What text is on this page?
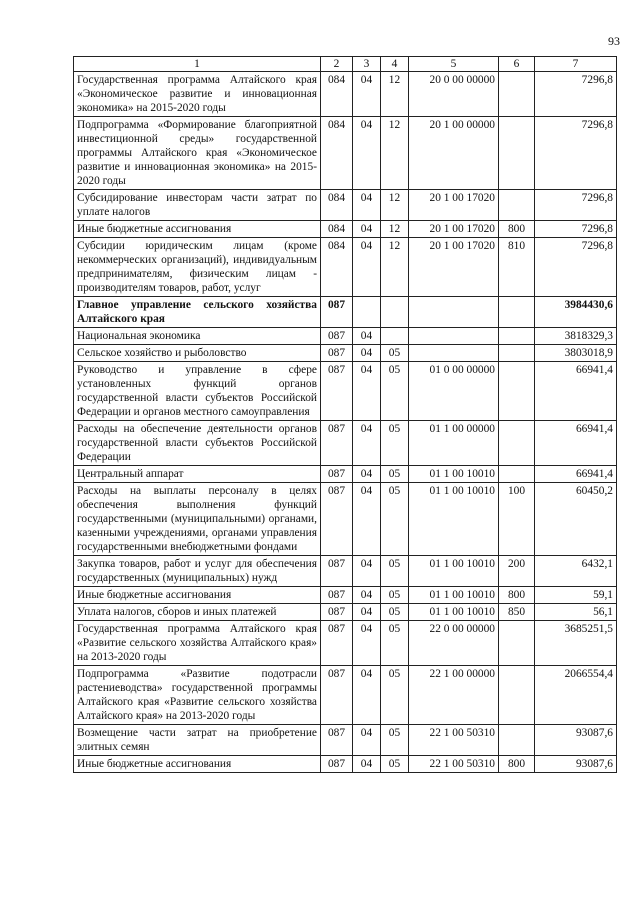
93
1	2	3	4	5	6	7
Государственная программа Алтайского края «Экономическое развитие и инновационная экономика» на 2015-2020 годы	084	04	12	20 0 00 00000		7296,8
Подпрограмма «Формирование благоприятной инвестиционной среды» государственной программы Алтайского края «Экономическое развитие и инновационная экономика» на 2015-2020 годы	084	04	12	20 1 00 00000		7296,8
Субсидирование инвесторам части затрат по уплате налогов	084	04	12	20 1 00 17020		7296,8
Иные бюджетные ассигнования	084	04	12	20 1 00 17020	800	7296,8
Субсидии юридическим лицам (кроме некоммерческих организаций), индивидуальным предпринимателям, физическим лицам - производителям товаров, работ, услуг	084	04	12	20 1 00 17020	810	7296,8
Главное управление сельского хозяйства Алтайского края	087					3984430,6
Национальная экономика	087	04				3818329,3
Сельское хозяйство и рыболовство	087	04	05			3803018,9
Руководство и управление в сфере установленных функций органов государственной власти субъектов Российской Федерации и органов местного самоуправления	087	04	05	01 0 00 00000		66941,4
Расходы на обеспечение деятельности органов государственной власти субъектов Российской Федерации	087	04	05	01 1 00 00000		66941,4
Центральный аппарат	087	04	05	01 1 00 10010		66941,4
Расходы на выплаты персоналу в целях обеспечения выполнения функций государственными (муниципальными) органами, казенными учреждениями, органами управления государственными внебюджетными фондами	087	04	05	01 1 00 10010	100	60450,2
Закупка товаров, работ и услуг для обеспечения государственных (муниципальных) нужд	087	04	05	01 1 00 10010	200	6432,1
Иные бюджетные ассигнования	087	04	05	01 1 00 10010	800	59,1
Уплата налогов, сборов и иных платежей	087	04	05	01 1 00 10010	850	56,1
Государственная программа Алтайского края «Развитие сельского хозяйства Алтайского края» на 2013-2020 годы	087	04	05	22 0 00 00000		3685251,5
Подпрограмма «Развитие подотрасли растениеводства» государственной программы Алтайского края «Развитие сельского хозяйства Алтайского края» на 2013-2020 годы	087	04	05	22 1 00 00000		2066554,4
Возмещение части затрат на приобретение элитных семян	087	04	05	22 1 00 50310		93087,6
Иные бюджетные ассигнования	087	04	05	22 1 00 50310	800	93087,6
